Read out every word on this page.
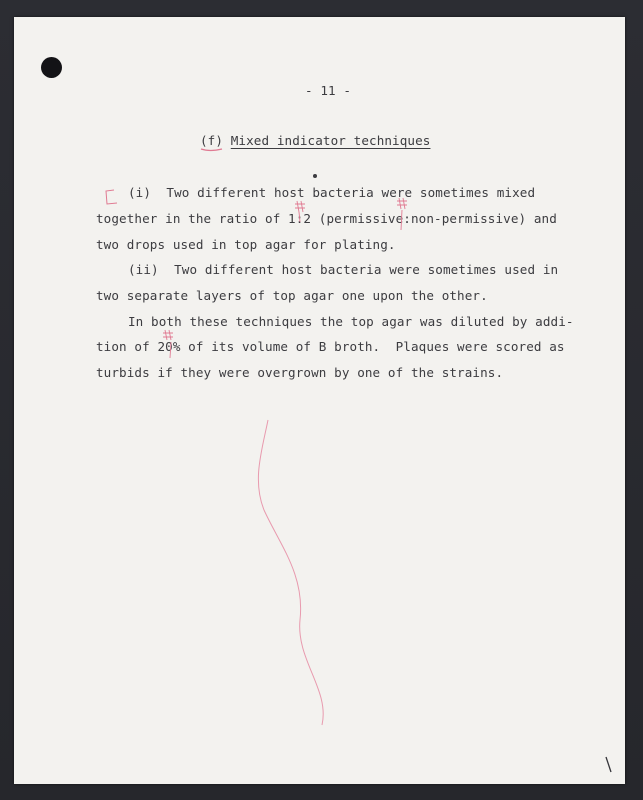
- 11 -
(f) Mixed indicator techniques
(i)  Two different host bacteria were sometimes mixed
together in the ratio of 1:2 (permissive:non-permissive) and
two drops used in top agar for plating.
(ii)  Two different host bacteria were sometimes used in
two separate layers of top agar one upon the other.
In both these techniques the top agar was diluted by addi-
tion of 20% of its volume of B broth.  Plaques were scored as
turbids if they were overgrown by one of the strains.
